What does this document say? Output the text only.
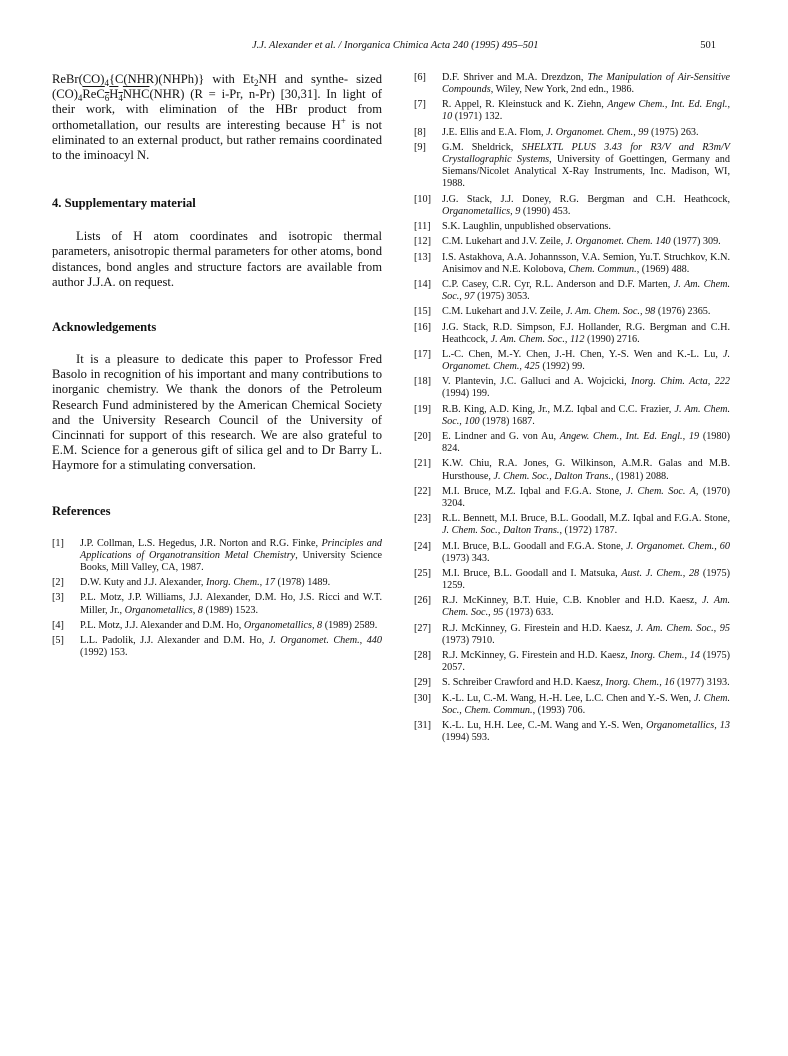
J.J. Alexander et al. / Inorganica Chimica Acta 240 (1995) 495–501	501

$ReBr(CO)_4\{C(NHR)(NHPh)\}$ with $Et_2NH$ and synthe- sized $(CO)_4ReC_6H_4NHC(NHR) (R = i-Pr$, n-Pr) [30,31]. In light of their work, with elimination of the HBr product from orthometallation, our results are interesting because H+ is not eliminated to an external product, but rather remains coordinated to the iminoacyl N.

4. Supplementary material

Lists of H atom coordinates and isotropic thermal parameters, anisotropic thermal parameters for other atoms, bond distances, bond angles and structure factors are available from author J.J.A. on request.

Acknowledgements

It is a pleasure to dedicate this paper to Professor Fred Basolo in recognition of his important and many contributions to inorganic chemistry. We thank the donors of the Petroleum Research Fund administered by the American Chemical Society and the University Research Council of the University of Cincinnati for support of this research. We are also grateful to E.M. Science for a generous gift of silica gel and to Dr Barry L. Haymore for a stimulating conversation.

References

[1] J.P. Collman, L.S. Hegedus, J.R. Norton and R.G. Finke, Principles and Applications of Organotransition Metal Chemistry, University Science Books, Mill Valley, CA, 1987.

[2] D.W. Kuty and J.J. Alexander, Inorg. Chem., 17 (1978) 1489.

[3] P.L. Motz, J.P. Williams, J.J. Alexander, D.M. Ho, J.S. Ricci and W.T. Miller, Jr., Organometallics, 8 (1989) 1523.

[4] P.L. Motz, J.J. Alexander and D.M. Ho, Organometallics, 8 (1989) 2589.

[5] L.L. Padolik, J.J. Alexander and D.M. Ho, J. Organomet. Chem., 440 (1992) 153.

[6] D.F. Shriver and M.A. Drezdzon, The Manipulation of Air-Sensitive Compounds, Wiley, New York, 2nd edn., 1986.

[7] R. Appel, R. Kleinstuck and K. Ziehn, Angew Chem., Int. Ed. Engl., 10 (1971) 132.

[8] J.E. Ellis and E.A. Flom, J. Organomet. Chem., 99 (1975) 263.

[9] G.M. Sheldrick, SHELXTL PLUS 3.43 for R3/V and R3m/V Crystallographic Systems, University of Goettingen, Germany and Siemans/Nicolet Analytical X-Ray Instruments, Inc. Madison, WI, 1988.

[10] J.G. Stack, J.J. Doney, R.G. Bergman and C.H. Heathcock, Organometallics, 9 (1990) 453.

[11] S.K. Laughlin, unpublished observations.

[12] C.M. Lukehart and J.V. Zeile, J. Organomet. Chem. 140 (1977) 309.

[13] I.S. Astakhova, A.A. Johannsson, V.A. Semion, Yu.T. Struchkov, K.N. Anisimov and N.E. Kolobova, Chem. Commun., (1969) 488.

[14] C.P. Casey, C.R. Cyr, R.L. Anderson and D.F. Marten, J. Am. Chem. Soc., 97 (1975) 3053.

[15] C.M. Lukehart and J.V. Zeile, J. Am. Chem. Soc., 98 (1976) 2365.

[16] J.G. Stack, R.D. Simpson, F.J. Hollander, R.G. Bergman and C.H. Heathcock, J. Am. Chem. Soc., 112 (1990) 2716.

[17] L.-C. Chen, M.-Y. Chen, J.-H. Chen, Y.-S. Wen and K.-L. Lu, J. Organomet. Chem., 425 (1992) 99.

[18] V. Plantevin, J.C. Galluci and A. Wojcicki, Inorg. Chim. Acta, 222 (1994) 199.

[19] R.B. King, A.D. King, Jr., M.Z. Iqbal and C.C. Frazier, J. Am. Chem. Soc., 100 (1978) 1687.

[20] E. Lindner and G. von Au, Angew. Chem., Int. Ed. Engl., 19 (1980) 824.

[21] K.W. Chiu, R.A. Jones, G. Wilkinson, A.M.R. Galas and M.B. Hursthouse, J. Chem. Soc., Dalton Trans., (1981) 2088.

[22] M.I. Bruce, M.Z. Iqbal and F.G.A. Stone, J. Chem. Soc. A, (1970) 3204.

[23] R.L. Bennett, M.I. Bruce, B.L. Goodall, M.Z. Iqbal and F.G.A. Stone, J. Chem. Soc., Dalton Trans., (1972) 1787.

[24] M.I. Bruce, B.L. Goodall and F.G.A. Stone, J. Organomet. Chem., 60 (1973) 343.

[25] M.I. Bruce, B.L. Goodall and I. Matsuka, Aust. J. Chem., 28 (1975) 1259.

[26] R.J. McKinney, B.T. Huie, C.B. Knobler and H.D. Kaesz, J. Am. Chem. Soc., 95 (1973) 633.

[27] R.J. McKinney, G. Firestein and H.D. Kaesz, J. Am. Chem. Soc., 95 (1973) 7910.

[28] R.J. McKinney, G. Firestein and H.D. Kaesz, Inorg. Chem., 14 (1975) 2057.

[29] S. Schreiber Crawford and H.D. Kaesz, Inorg. Chem., 16 (1977) 3193.

[30] K.-L. Lu, C.-M. Wang, H.-H. Lee, L.C. Chen and Y.-S. Wen, J. Chem. Soc., Chem. Commun., (1993) 706.

[31] K.-L. Lu, H.H. Lee, C.-M. Wang and Y.-S. Wen, Organometallics, 13 (1994) 593.
